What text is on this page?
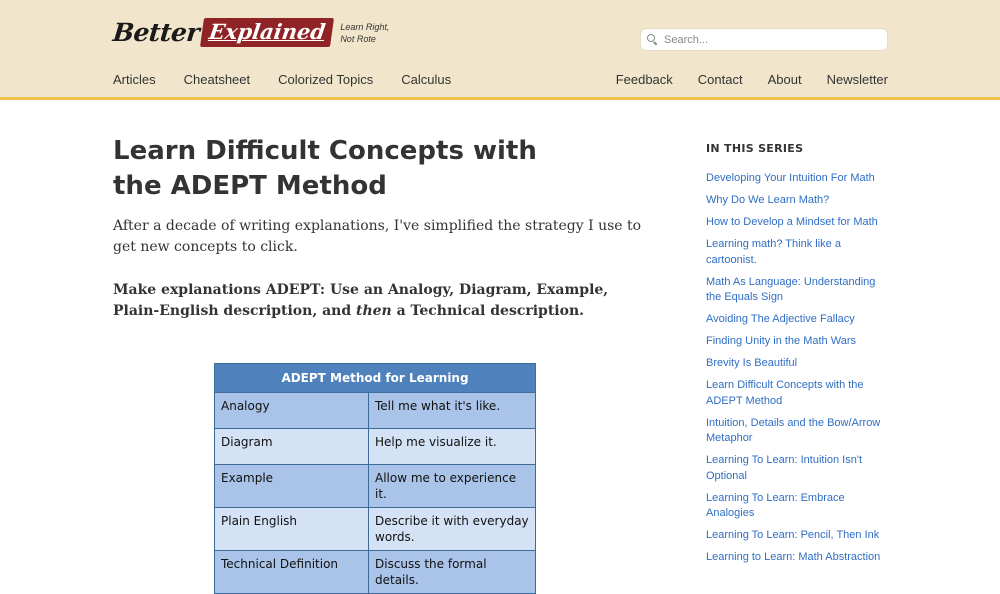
Better Explained	Learn Right,
Not Rote
Search...
Articles Cheatsheet Colorized Topics Calculus	Feedback Contact About Newsletter
Learn Difficult Concepts with the ADEPT Method

After a decade of writing explanations, I've simplified the strategy I use to get new concepts to click.

Make explanations ADEPT: Use an Analogy, Diagram, Example, Plain-English description, and then a Technical description.

ADEPT Method for Learning	
Analogy	Tell me what it's like.
Diagram	Help me visualize it.
Example	Allow me to experience it.
Plain English	Describe it with everyday words.
Technical Definition	Discuss the formal details.
IN THIS SERIES
Developing Your Intuition For Math
Why Do We Learn Math?
How to Develop a Mindset for Math
Learning math? Think like a cartoonist.
Math As Language: Understanding the Equals Sign
Avoiding The Adjective Fallacy
Finding Unity in the Math Wars
Brevity Is Beautiful
Learn Difficult Concepts with the ADEPT Method
Intuition, Details and the Bow/Arrow Metaphor
Learning To Learn: Intuition Isn't Optional
Learning To Learn: Embrace Analogies
Learning To Learn: Pencil, Then Ink
Learning to Learn: Math Abstraction
